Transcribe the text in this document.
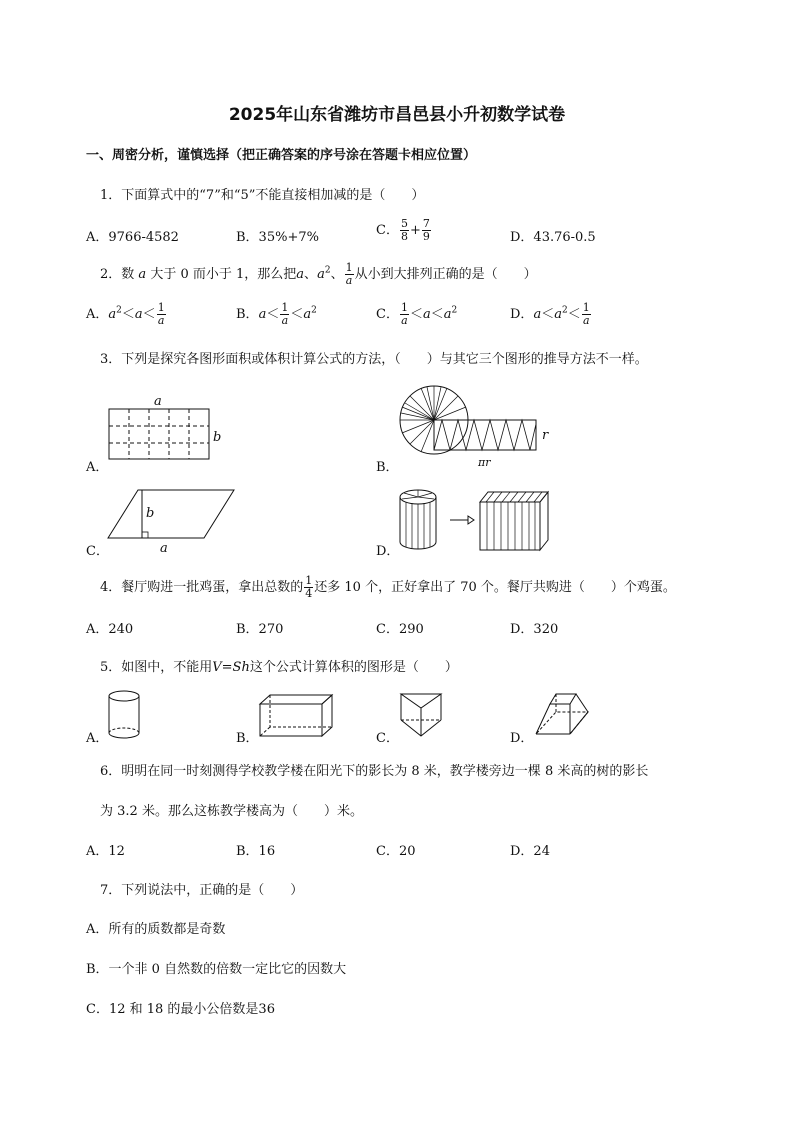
2025年山东省潍坊市昌邑县小升初数学试卷
一、周密分析，谨慎选择（把正确答案的序号涂在答题卡相应位置）
1．下面算式中的“7”和“5”不能直接相加减的是（　　）
A．9766-4582	B．35%+7%	C． $\frac{5}{8} + \frac{7}{9}$	D．43.76-0.5
2．数 a 大于 0 而小于 1，那么把a、$a^2$、 $\frac{1}{a}$从小到大排列正确的是（　　）
A．$a^2<a< \frac{1}{a}$	B．$a< \frac{1}{a}<a^2$	C． $\frac{1}{a}<a<a^2$	D．$a<a^2< \frac{1}{a}$
3．下列是探究各图形面积或体积计算公式的方法，（　　）与其它三个图形的推导方法不一样。
A．
a
b
B．
r
πr
C．
b
a	D．
4．餐厅购进一批鸡蛋，拿出总数的 $\frac{1}{4}$ 还多 10 个，正好拿出了 70 个。餐厅共购进（　　）个鸡蛋。
A．240	B．270	C．290	D．320
5．如图中，不能用V=Sh这个公式计算体积的图形是（　　）
A．	B．	C．	D．
6．明明在同一时刻测得学校教学楼在阳光下的影长为 8 米，教学楼旁边一棵 8 米高的树的影长
为 3.2 米。那么这栋教学楼高为（　　）米。
A．12	B．16	C．20	D．24
7．下列说法中，正确的是（　　）
A．所有的质数都是奇数
B．一个非 0 自然数的倍数一定比它的因数大
C．12 和 18 的最小公倍数是36
